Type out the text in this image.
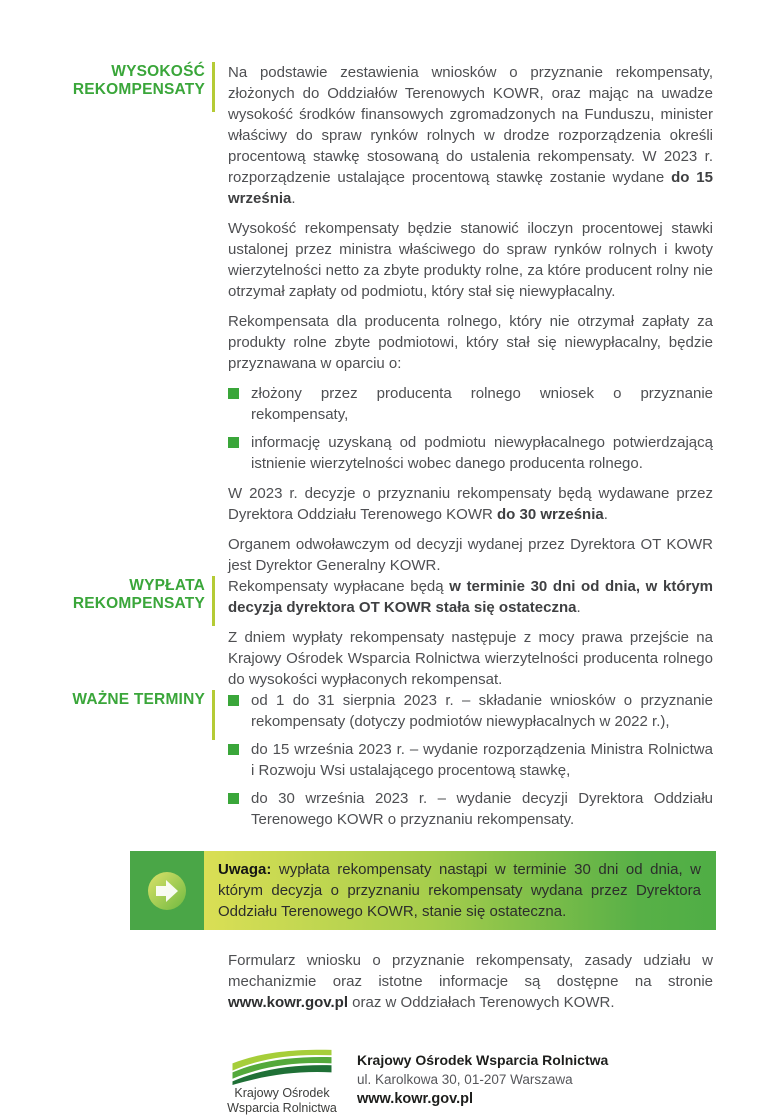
WYSOKOŚĆ REKOMPENSATY

Na podstawie zestawienia wniosków o przyznanie rekompensaty, złożonych do Oddziałów Terenowych KOWR, oraz mając na uwadze wysokość środków finansowych zgromadzonych na Funduszu, minister właściwy do spraw rynków rolnych w drodze rozporządzenia określi procentową stawkę stosowaną do ustalenia rekompensaty. W 2023 r. rozporządzenie ustalające procentową stawkę zostanie wydane do 15 września.

Wysokość rekompensaty będzie stanowić iloczyn procentowej stawki ustalonej przez ministra właściwego do spraw rynków rolnych i kwoty wierzytelności netto za zbyte produkty rolne, za które producent rolny nie otrzymał zapłaty od podmiotu, który stał się niewypłacalny.

Rekompensata dla producenta rolnego, który nie otrzymał zapłaty za produkty rolne zbyte podmiotowi, który stał się niewypłacalny, będzie przyznawana w oparciu o:

złożony przez producenta rolnego wniosek o przyznanie rekompensaty,
informację uzyskaną od podmiotu niewypłacalnego potwierdzającą istnienie wierzytelności wobec danego producenta rolnego.

W 2023 r. decyzje o przyznaniu rekompensaty będą wydawane przez Dyrektora Oddziału Terenowego KOWR do 30 września.

Organem odwoławczym od decyzji wydanej przez Dyrektora OT KOWR jest Dyrektor Generalny KOWR.

WYPŁATA REKOMPENSATY

Rekompensaty wypłacane będą w terminie 30 dni od dnia, w którym decyzja dyrektora OT KOWR stała się ostateczna.

Z dniem wypłaty rekompensaty następuje z mocy prawa przejście na Krajowy Ośrodek Wsparcia Rolnictwa wierzytelności producenta rolnego do wysokości wypłaconych rekompensat.

WAŻNE TERMINY	od 1 do 31 sierpnia 2023 r. – składanie wniosków o przyznanie rekompensaty (dotyczy podmiotów niewypłacalnych w 2022 r.),
do 15 września 2023 r. – wydanie rozporządzenia Ministra Rolnictwa i Rozwoju Wsi ustalającego procentową stawkę,
do 30 września 2023 r. – wydanie decyzji Dyrektora Oddziału Terenowego KOWR o przyznaniu rekompensaty.

Uwaga: wypłata rekompensaty nastąpi w terminie 30 dni od dnia, w którym decyzja o przyznaniu rekompensaty wydana przez Dyrektora Oddziału Terenowego KOWR, stanie się ostateczna.

Formularz wniosku o przyznanie rekompensaty, zasady udziału w mechanizmie oraz istotne informacje są dostępne na stronie www.kowr.gov.pl oraz w Oddziałach Terenowych KOWR.

Krajowy Ośrodek
Wsparcia Rolnictwa
Krajowy Ośrodek Wsparcia Rolnictwa
ul. Karolkowa 30, 01-207 Warszawa
www.kowr.gov.pl
